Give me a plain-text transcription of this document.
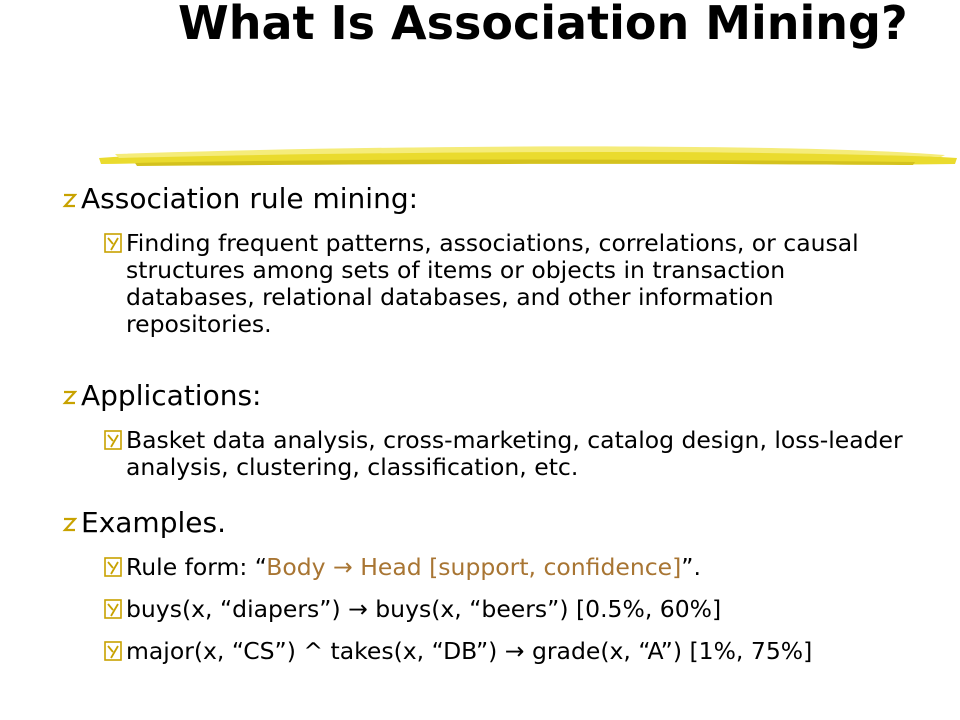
What Is Association Mining?
Association rule mining:
Finding frequent patterns, associations, correlations, or causal structures among sets of items or objects in transaction databases, relational databases, and other information repositories.
Applications:
Basket data analysis, cross-marketing, catalog design, loss-leader analysis, clustering, classification, etc.
Examples.
Rule form: “Body → Head [support, confidence]”.
buys(x, “diapers”) → buys(x, “beers”) [0.5%, 60%]
major(x, “CS”) ^ takes(x, “DB”) → grade(x, “A”) [1%, 75%]
